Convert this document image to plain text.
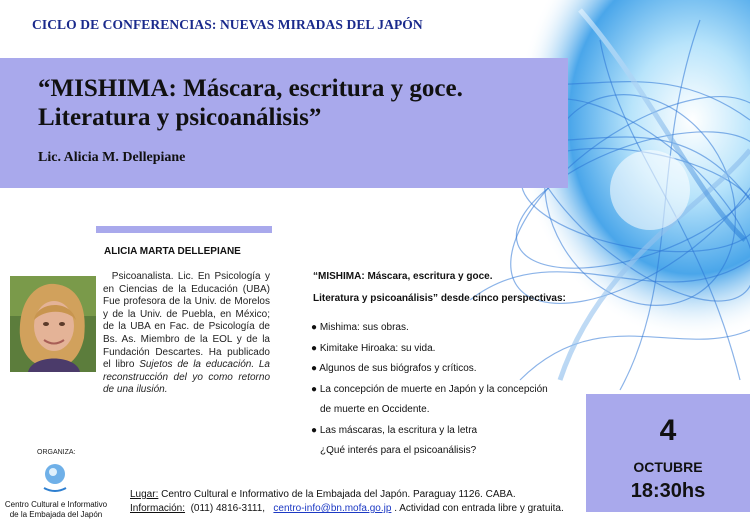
CICLO DE CONFERENCIAS: NUEVAS MIRADAS DEL JAPÓN
“MISHIMA: Máscara, escritura y goce.
Literatura y psicoanálisis”
Lic. Alicia M. Dellepiane
ALICIA MARTA DELLEPIANE
Psicoanalista. Lic. En Psicología y en Ciencias de la Educación (UBA) Fue profesora de la Univ. de Morelos y de la Univ. de Puebla, en México; de la UBA en Fac. de Psicología de Bs. As. Miembro de la EOL y de la Fundación Descartes. Ha publicado el libro Sujetos de la educación. La reconstrucción del yo como retorno de una ilusión.
“MISHIMA: Máscara, escritura y goce.
Literatura y psicoanálisis” desde cinco perspectivas:
● Mishima: sus obras.
● Kimitake Hiroaka: su vida.
● Algunos de sus biógrafos y críticos.
● La concepción de muerte en Japón y la concepción
de muerte en Occidente.
● Las máscaras, la escritura y la letra
¿Qué interés para el psicoanálisis?
4
OCTUBRE
18:30hs
ORGANIZA:
Centro Cultural e Informativo
de la Embajada del Japón
Lugar: Centro Cultural e Informativo de la Embajada del Japón. Paraguay 1126. CABA.
Información:  (011) 4816-3111,   centro-info@bn.mofa.go.jp . Actividad con entrada libre y gratuita.
